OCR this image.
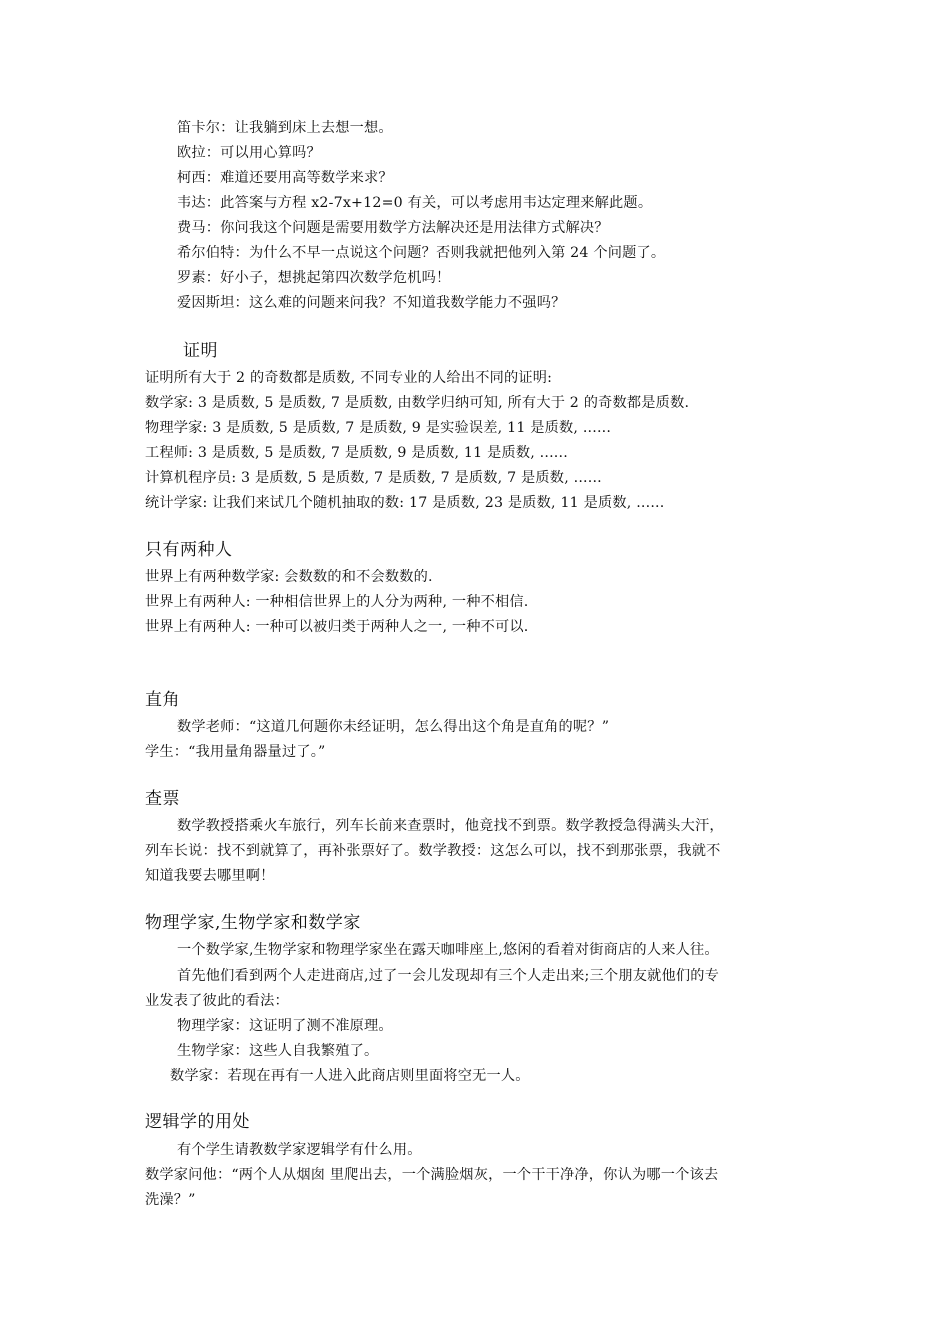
笛卡尔：让我躺到床上去想一想。
欧拉：可以用心算吗？
柯西：难道还要用高等数学来求？
韦达：此答案与方程 x2-7x+12=0 有关，可以考虑用韦达定理来解此题。
费马：你问我这个问题是需要用数学方法解决还是用法律方式解决？
希尔伯特：为什么不早一点说这个问题？否则我就把他列入第 24 个问题了。
罗素：好小子，想挑起第四次数学危机吗！
爱因斯坦：这么难的问题来问我？不知道我数学能力不强吗？
证明
证明所有大于 2 的奇数都是质数, 不同专业的人给出不同的证明:
数学家: 3 是质数, 5 是质数, 7 是质数, 由数学归纳可知, 所有大于 2 的奇数都是质数.
物理学家: 3 是质数, 5 是质数, 7 是质数, 9 是实验误差, 11 是质数, ......
工程师: 3 是质数, 5 是质数, 7 是质数, 9 是质数, 11 是质数, ......
计算机程序员: 3 是质数, 5 是质数, 7 是质数, 7 是质数, 7 是质数, ......
统计学家: 让我们来试几个随机抽取的数: 17 是质数, 23 是质数, 11 是质数, ......
只有两种人
世界上有两种数学家: 会数数的和不会数数的.
世界上有两种人: 一种相信世界上的人分为两种, 一种不相信.
世界上有两种人: 一种可以被归类于两种人之一, 一种不可以.
直角
数学老师：“这道几何题你未经证明，怎么得出这个角是直角的呢？”
学生：“我用量角器量过了。”
查票
数学教授搭乘火车旅行，列车长前来查票时，他竟找不到票。数学教授急得满头大汗，
列车长说：找不到就算了，再补张票好了。数学教授：这怎么可以，找不到那张票，我就不
知道我要去哪里啊！
物理学家,生物学家和数学家
一个数学家,生物学家和物理学家坐在露天咖啡座上,悠闲的看着对街商店的人来人往。
首先他们看到两个人走进商店,过了一会儿发现却有三个人走出来;三个朋友就他们的专
业发表了彼此的看法：
物理学家：这证明了测不准原理。
生物学家：这些人自我繁殖了。
数学家：若现在再有一人进入此商店则里面将空无一人。
逻辑学的用处
有个学生请教数学家逻辑学有什么用。
数学家问他：“两个人从烟囱 里爬出去，一个满脸烟灰，一个干干净净，你认为哪一个该去
洗澡？”
